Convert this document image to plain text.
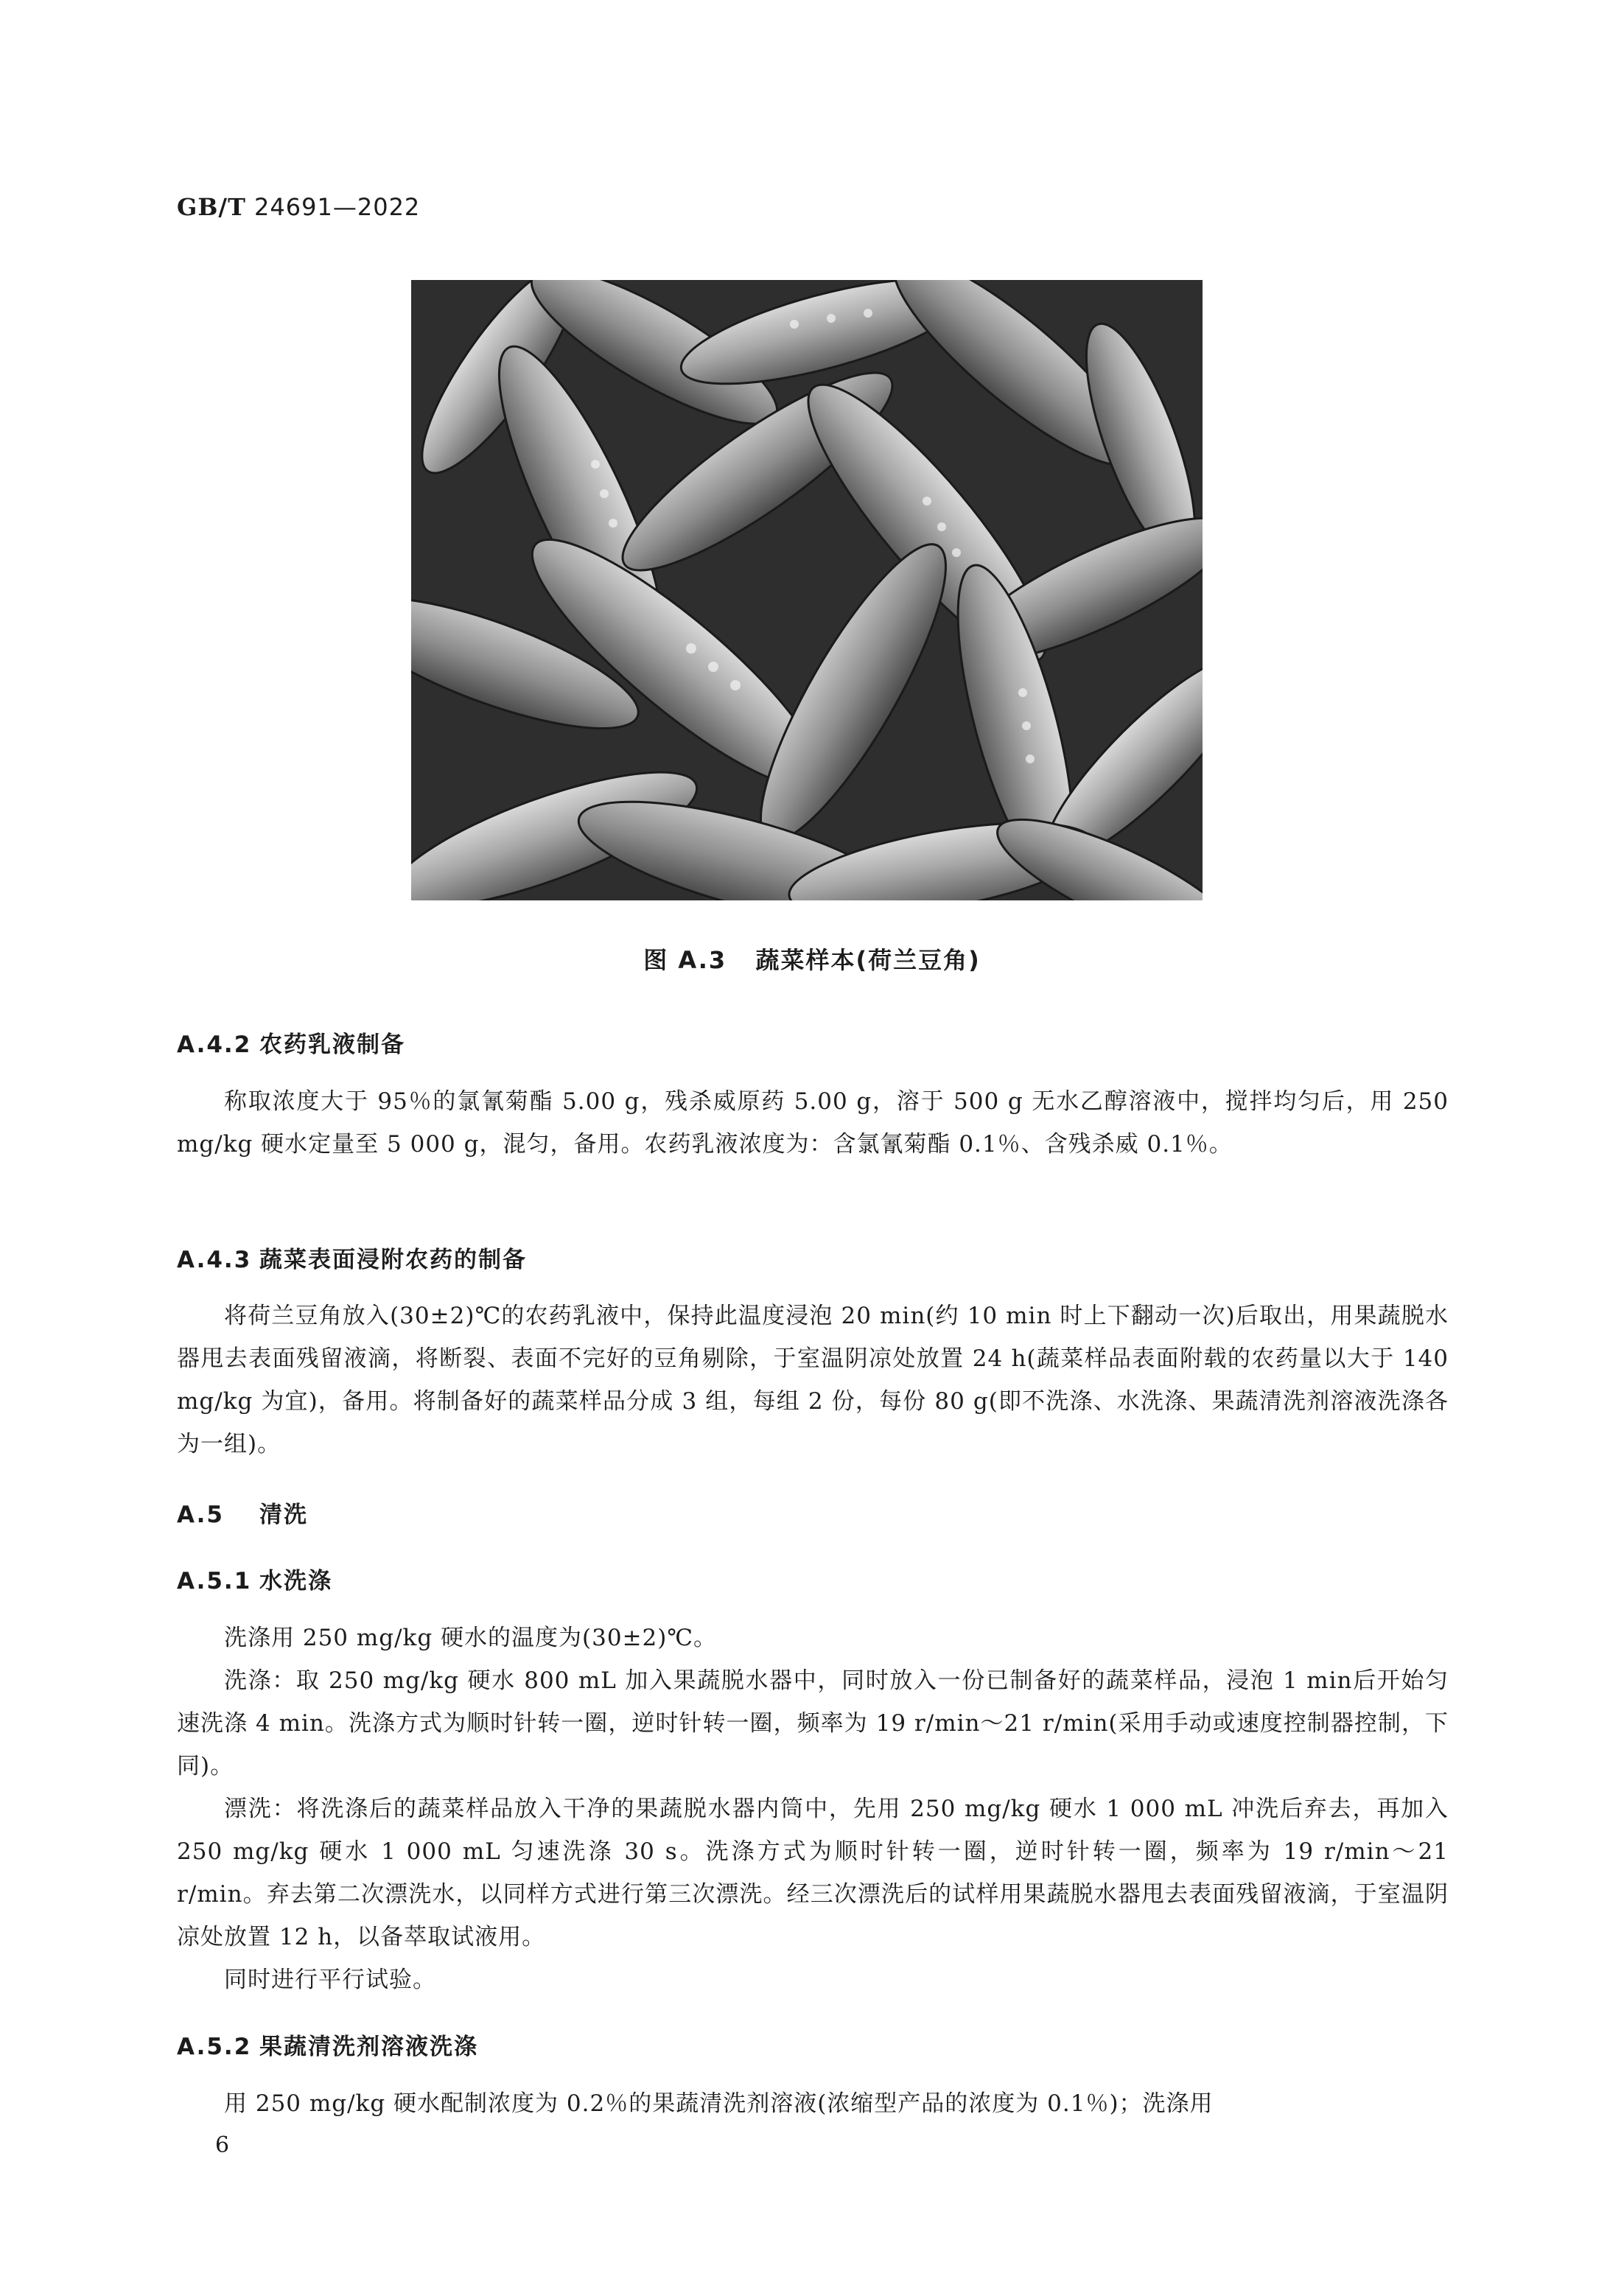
GB/T 24691—2022
图 A.3 蔬菜样本(荷兰豆角)
A.4.2 农药乳液制备
称取浓度大于 95％的氯氰菊酯 5.00 g，残杀威原药 5.00 g，溶于 500 g 无水乙醇溶液中，搅拌均匀后，用 250 mg/kg 硬水定量至 5 000 g，混匀，备用。农药乳液浓度为：含氯氰菊酯 0.1％、含残杀威 0.1％。
A.4.3 蔬菜表面浸附农药的制备
将荷兰豆角放入(30±2)℃的农药乳液中，保持此温度浸泡 20 min(约 10 min 时上下翻动一次)后取出，用果蔬脱水器甩去表面残留液滴，将断裂、表面不完好的豆角剔除，于室温阴凉处放置 24 h(蔬菜样品表面附载的农药量以大于 140 mg/kg 为宜)，备用。将制备好的蔬菜样品分成 3 组，每组 2 份，每份 80 g(即不洗涤、水洗涤、果蔬清洗剂溶液洗涤各为一组)。
A.5 清洗
A.5.1 水洗涤
洗涤用 250 mg/kg 硬水的温度为(30±2)℃。
洗涤：取 250 mg/kg 硬水 800 mL 加入果蔬脱水器中，同时放入一份已制备好的蔬菜样品，浸泡 1 min后开始匀速洗涤 4 min。洗涤方式为顺时针转一圈，逆时针转一圈，频率为 19 r/min～21 r/min(采用手动或速度控制器控制，下同)。
漂洗：将洗涤后的蔬菜样品放入干净的果蔬脱水器内筒中，先用 250 mg/kg 硬水 1 000 mL 冲洗后弃去，再加入 250 mg/kg 硬水 1 000 mL 匀速洗涤 30 s。洗涤方式为顺时针转一圈，逆时针转一圈，频率为 19 r/min～21 r/min。弃去第二次漂洗水，以同样方式进行第三次漂洗。经三次漂洗后的试样用果蔬脱水器甩去表面残留液滴，于室温阴凉处放置 12 h，以备萃取试液用。
同时进行平行试验。
A.5.2 果蔬清洗剂溶液洗涤
用 250 mg/kg 硬水配制浓度为 0.2％的果蔬清洗剂溶液(浓缩型产品的浓度为 0.1％)；洗涤用
6
